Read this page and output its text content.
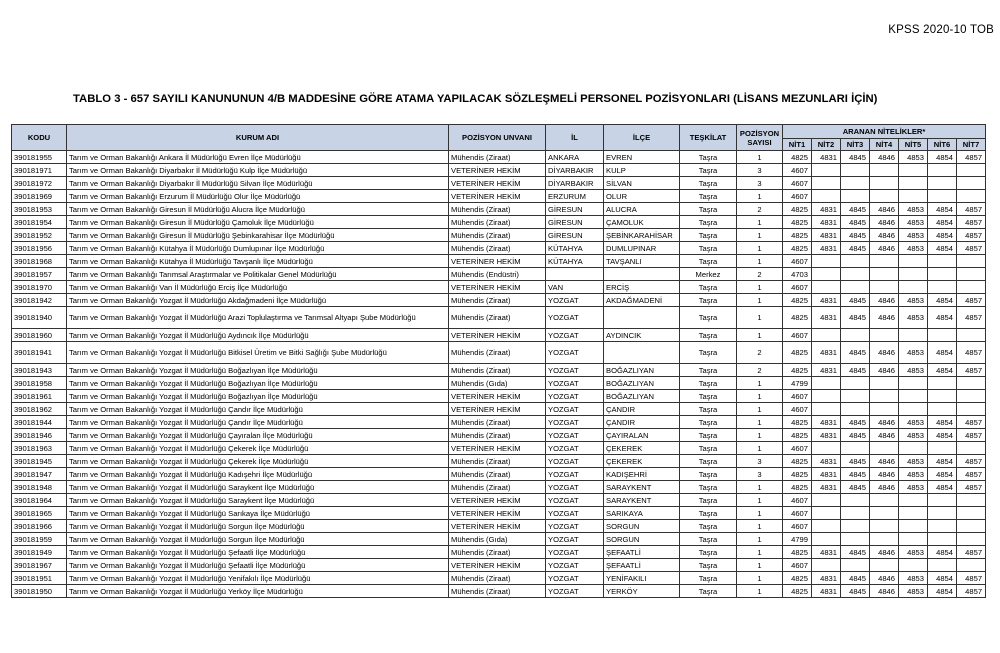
KPSS 2020-10 TOB
TABLO 3 - 657 SAYILI KANUNUNUN 4/B MADDESİNE GÖRE ATAMA YAPILACAK SÖZLEŞMELİ PERSONEL POZİSYONLARI (LİSANS MEZUNLARI İÇİN)
KODU	KURUM ADI	POZİSYON UNVANI	İL	İLÇE	TEŞKİLAT	POZİSYON SAYISI	ARANAN NİTELİKLER*						
							NİT1	NİT2	NİT3	NİT4	NİT5	NİT6	NİT7
390181955	Tarım ve Orman Bakanlığı Ankara İl Müdürlüğü Evren İlçe Müdürlüğü	Mühendis (Ziraat)	ANKARA	EVREN	Taşra	1	4825	4831	4845	4846	4853	4854	4857
390181971	Tarım ve Orman Bakanlığı Diyarbakır İl Müdürlüğü Kulp İlçe Müdürlüğü	VETERİNER HEKİM	DİYARBAKIR	KULP	Taşra	3	4607						
390181972	Tarım ve Orman Bakanlığı Diyarbakır İl Müdürlüğü Silvan İlçe Müdürlüğü	VETERİNER HEKİM	DİYARBAKIR	SİLVAN	Taşra	3	4607						
390181969	Tarım ve Orman Bakanlığı Erzurum İl Müdürlüğü Olur İlçe Müdürlüğü	VETERİNER HEKİM	ERZURUM	OLUR	Taşra	1	4607						
390181953	Tarım ve Orman Bakanlığı Giresun İl Müdürlüğü Alucra İlçe Müdürlüğü	Mühendis (Ziraat)	GİRESUN	ALUCRA	Taşra	2	4825	4831	4845	4846	4853	4854	4857
390181954	Tarım ve Orman Bakanlığı Giresun İl Müdürlüğü Çamoluk İlçe Müdürlüğü	Mühendis (Ziraat)	GİRESUN	ÇAMOLUK	Taşra	1	4825	4831	4845	4846	4853	4854	4857
390181952	Tarım ve Orman Bakanlığı Giresun İl Müdürlüğü Şebinkarahisar İlçe Müdürlüğü	Mühendis (Ziraat)	GİRESUN	ŞEBİNKARAHİSAR	Taşra	1	4825	4831	4845	4846	4853	4854	4857
390181956	Tarım ve Orman Bakanlığı Kütahya İl Müdürlüğü Dumlupınar İlçe Müdürlüğü	Mühendis (Ziraat)	KÜTAHYA	DUMLUPINAR	Taşra	1	4825	4831	4845	4846	4853	4854	4857
390181968	Tarım ve Orman Bakanlığı Kütahya İl Müdürlüğü Tavşanlı İlçe Müdürlüğü	VETERİNER HEKİM	KÜTAHYA	TAVŞANLI	Taşra	1	4607						
390181957	Tarım ve Orman Bakanlığı Tarımsal Araştırmalar ve Politikalar Genel Müdürlüğü	Mühendis (Endüstri)			Merkez	2	4703						
390181970	Tarım ve Orman Bakanlığı Van İl Müdürlüğü Erciş İlçe Müdürlüğü	VETERİNER HEKİM	VAN	ERCİŞ	Taşra	1	4607						
390181942	Tarım ve Orman Bakanlığı Yozgat İl Müdürlüğü Akdağmadeni İlçe Müdürlüğü	Mühendis (Ziraat)	YOZGAT	AKDAĞMADENİ	Taşra	1	4825	4831	4845	4846	4853	4854	4857
390181940	Tarım ve Orman Bakanlığı Yozgat İl Müdürlüğü Arazi Toplulaştırma ve Tarımsal Altyapı Şube Müdürlüğü	Mühendis (Ziraat)	YOZGAT		Taşra	1	4825	4831	4845	4846	4853	4854	4857
390181960	Tarım ve Orman Bakanlığı Yozgat İl Müdürlüğü Aydıncık İlçe Müdürlüğü	VETERİNER HEKİM	YOZGAT	AYDINCIK	Taşra	1	4607						
390181941	Tarım ve Orman Bakanlığı Yozgat İl Müdürlüğü Bitkisel Üretim ve Bitki Sağlığı Şube Müdürlüğü	Mühendis (Ziraat)	YOZGAT		Taşra	2	4825	4831	4845	4846	4853	4854	4857
390181943	Tarım ve Orman Bakanlığı Yozgat İl Müdürlüğü Boğazlıyan İlçe Müdürlüğü	Mühendis (Ziraat)	YOZGAT	BOĞAZLIYAN	Taşra	2	4825	4831	4845	4846	4853	4854	4857
390181958	Tarım ve Orman Bakanlığı Yozgat İl Müdürlüğü Boğazlıyan İlçe Müdürlüğü	Mühendis (Gıda)	YOZGAT	BOĞAZLIYAN	Taşra	1	4799						
390181961	Tarım ve Orman Bakanlığı Yozgat İl Müdürlüğü Boğazlıyan İlçe Müdürlüğü	VETERİNER HEKİM	YOZGAT	BOĞAZLIYAN	Taşra	1	4607						
390181962	Tarım ve Orman Bakanlığı Yozgat İl Müdürlüğü Çandır İlçe Müdürlüğü	VETERİNER HEKİM	YOZGAT	ÇANDIR	Taşra	1	4607						
390181944	Tarım ve Orman Bakanlığı Yozgat İl Müdürlüğü Çandır İlçe Müdürlüğü	Mühendis (Ziraat)	YOZGAT	ÇANDIR	Taşra	1	4825	4831	4845	4846	4853	4854	4857
390181946	Tarım ve Orman Bakanlığı Yozgat İl Müdürlüğü Çayıralan İlçe Müdürlüğü	Mühendis (Ziraat)	YOZGAT	ÇAYIRALAN	Taşra	1	4825	4831	4845	4846	4853	4854	4857
390181963	Tarım ve Orman Bakanlığı Yozgat İl Müdürlüğü Çekerek İlçe Müdürlüğü	VETERİNER HEKİM	YOZGAT	ÇEKEREK	Taşra	1	4607						
390181945	Tarım ve Orman Bakanlığı Yozgat İl Müdürlüğü Çekerek İlçe Müdürlüğü	Mühendis (Ziraat)	YOZGAT	ÇEKEREK	Taşra	3	4825	4831	4845	4846	4853	4854	4857
390181947	Tarım ve Orman Bakanlığı Yozgat İl Müdürlüğü Kadışehri İlçe Müdürlüğü	Mühendis (Ziraat)	YOZGAT	KADIŞEHRİ	Taşra	3	4825	4831	4845	4846	4853	4854	4857
390181948	Tarım ve Orman Bakanlığı Yozgat İl Müdürlüğü Saraykent İlçe Müdürlüğü	Mühendis (Ziraat)	YOZGAT	SARAYKENT	Taşra	1	4825	4831	4845	4846	4853	4854	4857
390181964	Tarım ve Orman Bakanlığı Yozgat İl Müdürlüğü Saraykent İlçe Müdürlüğü	VETERİNER HEKİM	YOZGAT	SARAYKENT	Taşra	1	4607						
390181965	Tarım ve Orman Bakanlığı Yozgat İl Müdürlüğü Sarıkaya İlçe Müdürlüğü	VETERİNER HEKİM	YOZGAT	SARIKAYA	Taşra	1	4607						
390181966	Tarım ve Orman Bakanlığı Yozgat İl Müdürlüğü Sorgun İlçe Müdürlüğü	VETERİNER HEKİM	YOZGAT	SORGUN	Taşra	1	4607						
390181959	Tarım ve Orman Bakanlığı Yozgat İl Müdürlüğü Sorgun İlçe Müdürlüğü	Mühendis (Gıda)	YOZGAT	SORGUN	Taşra	1	4799						
390181949	Tarım ve Orman Bakanlığı Yozgat İl Müdürlüğü Şefaatli İlçe Müdürlüğü	Mühendis (Ziraat)	YOZGAT	ŞEFAATLİ	Taşra	1	4825	4831	4845	4846	4853	4854	4857
390181967	Tarım ve Orman Bakanlığı Yozgat İl Müdürlüğü Şefaatli İlçe Müdürlüğü	VETERİNER HEKİM	YOZGAT	ŞEFAATLİ	Taşra	1	4607						
390181951	Tarım ve Orman Bakanlığı Yozgat İl Müdürlüğü Yenifakılı İlçe Müdürlüğü	Mühendis (Ziraat)	YOZGAT	YENİFAKILI	Taşra	1	4825	4831	4845	4846	4853	4854	4857
390181950	Tarım ve Orman Bakanlığı Yozgat İl Müdürlüğü Yerköy İlçe Müdürlüğü	Mühendis (Ziraat)	YOZGAT	YERKÖY	Taşra	1	4825	4831	4845	4846	4853	4854	4857
